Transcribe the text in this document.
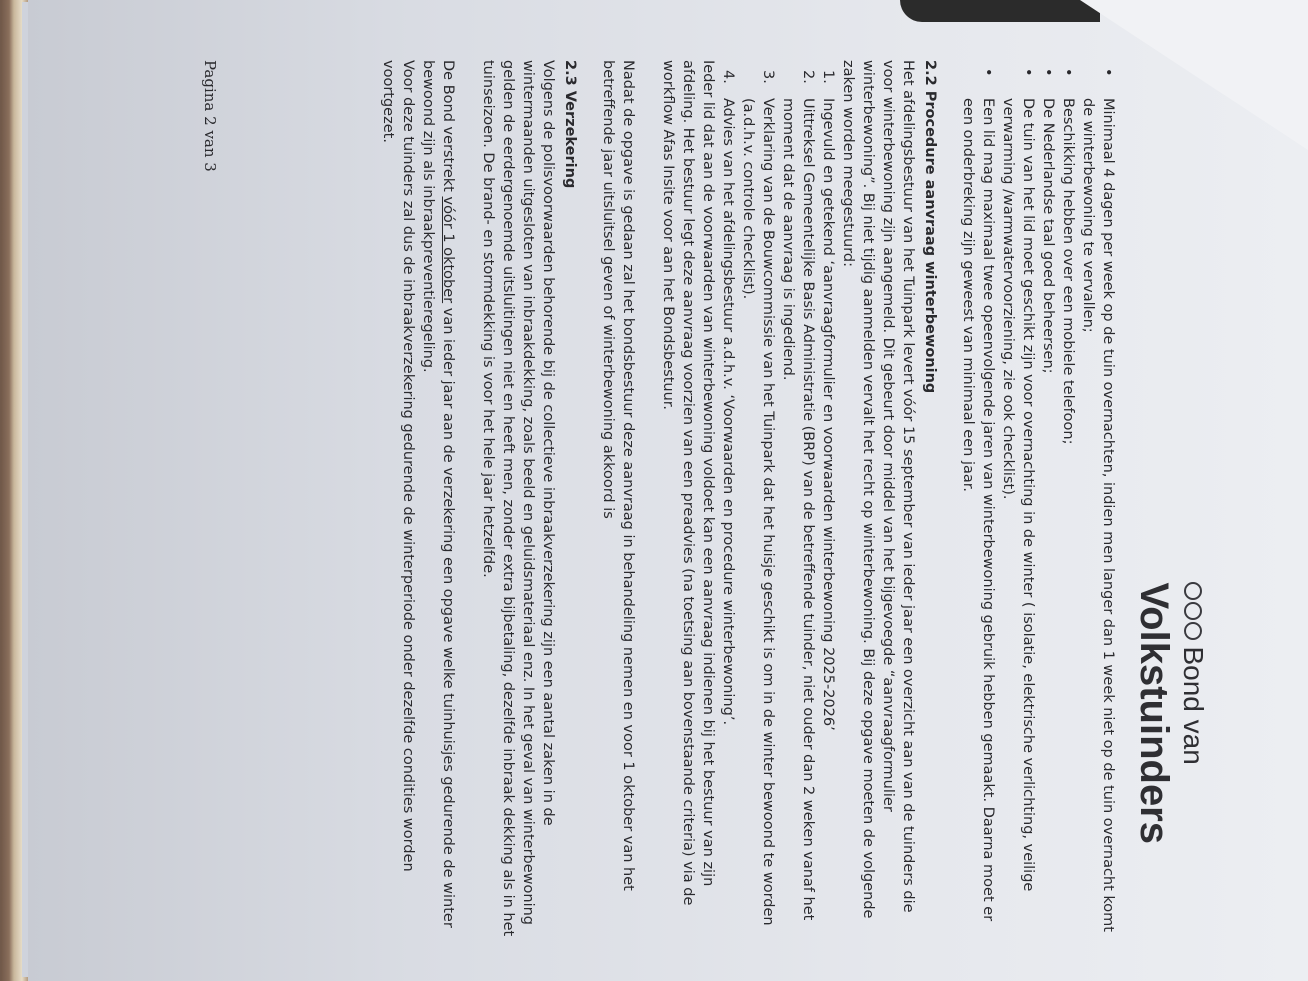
Bond van
Volkstuinders
• Minimaal 4 dagen per week op de tuin overnachten, indien men langer dan 1 week niet op de tuin overnacht komt de winterbewoning te vervallen;
• Beschikking hebben over een mobiele telefoon;
• De Nederlandse taal goed beheersen;
• De tuin van het lid moet geschikt zijn voor overnachting in de winter ( isolatie, elektrische verlichting, veilige verwarming /warmwatervoorziening, zie ook checklist).
• Een lid mag maximaal twee opeenvolgende jaren van winterbewoning gebruik hebben gemaakt. Daarna moet er een onderbreking zijn geweest van minimaal een jaar.
2.2 Procedure aanvraag winterbewoning

Het afdelingsbestuur van het Tuinpark levert vóór 15 september van ieder jaar een overzicht aan van de tuinders die voor winterbewoning zijn aangemeld. Dit gebeurt door middel van het bijgevoegde “aanvraagformulier winterbewoning”. Bij niet tijdig aanmelden vervalt het recht op winterbewoning. Bij deze opgave moeten de volgende zaken worden meegestuurd:

1.
Ingevuld en getekend ‘aanvraagformulier en voorwaarden winterbewoning 2025-2026’
2.
Uittreksel Gemeentelijke Basis Administratie (BRP) van de betreffende tuinder, niet ouder dan 2 weken vanaf het moment dat de aanvraag is ingediend.
3.
Verklaring van de Bouwcommissie van het Tuinpark dat het huisje geschikt is om in de winter bewoond te worden (a.d.h.v. controle checklist).
4.
Advies van het afdelingsbestuur a.d.h.v. ‘Voorwaarden en procedure winterbewoning’.

Ieder lid dat aan de voorwaarden van winterbewoning voldoet kan een aanvraag indienen bij het bestuur van zijn afdeling. Het bestuur legt deze aanvraag voorzien van een preadvies (na toetsing aan bovenstaande criteria) via de workflow Afas Insite voor aan het Bondsbestuur.

Nadat de opgave is gedaan zal het bondsbestuur deze aanvraag in behandeling nemen en voor 1 oktober van het betreffende jaar uitsluitsel geven of winterbewoning akkoord is

2.3 Verzekering

Volgens de polisvoorwaarden behorende bij de collectieve inbraakverzekering zijn een aantal zaken in de wintermaanden uitgesloten van inbraakdekking, zoals beeld en geluidsmateriaal enz. In het geval van winterbewoning gelden de eerdergenoemde uitsluitingen niet en heeft men, zonder extra bijbetaling, dezelfde inbraak dekking als in het tuinseizoen. De brand- en stormdekking is voor het hele jaar hetzelfde.

De Bond verstrekt vóór 1 oktober van ieder jaar aan de verzekering een opgave welke tuinhuisjes gedurende de winter bewoond zijn als inbraakpreventieregeling.

Voor deze tuinders zal dus de inbraakverzekering gedurende de winterperiode onder dezelfde condities worden voortgezet.

Pagina 2 van 3
